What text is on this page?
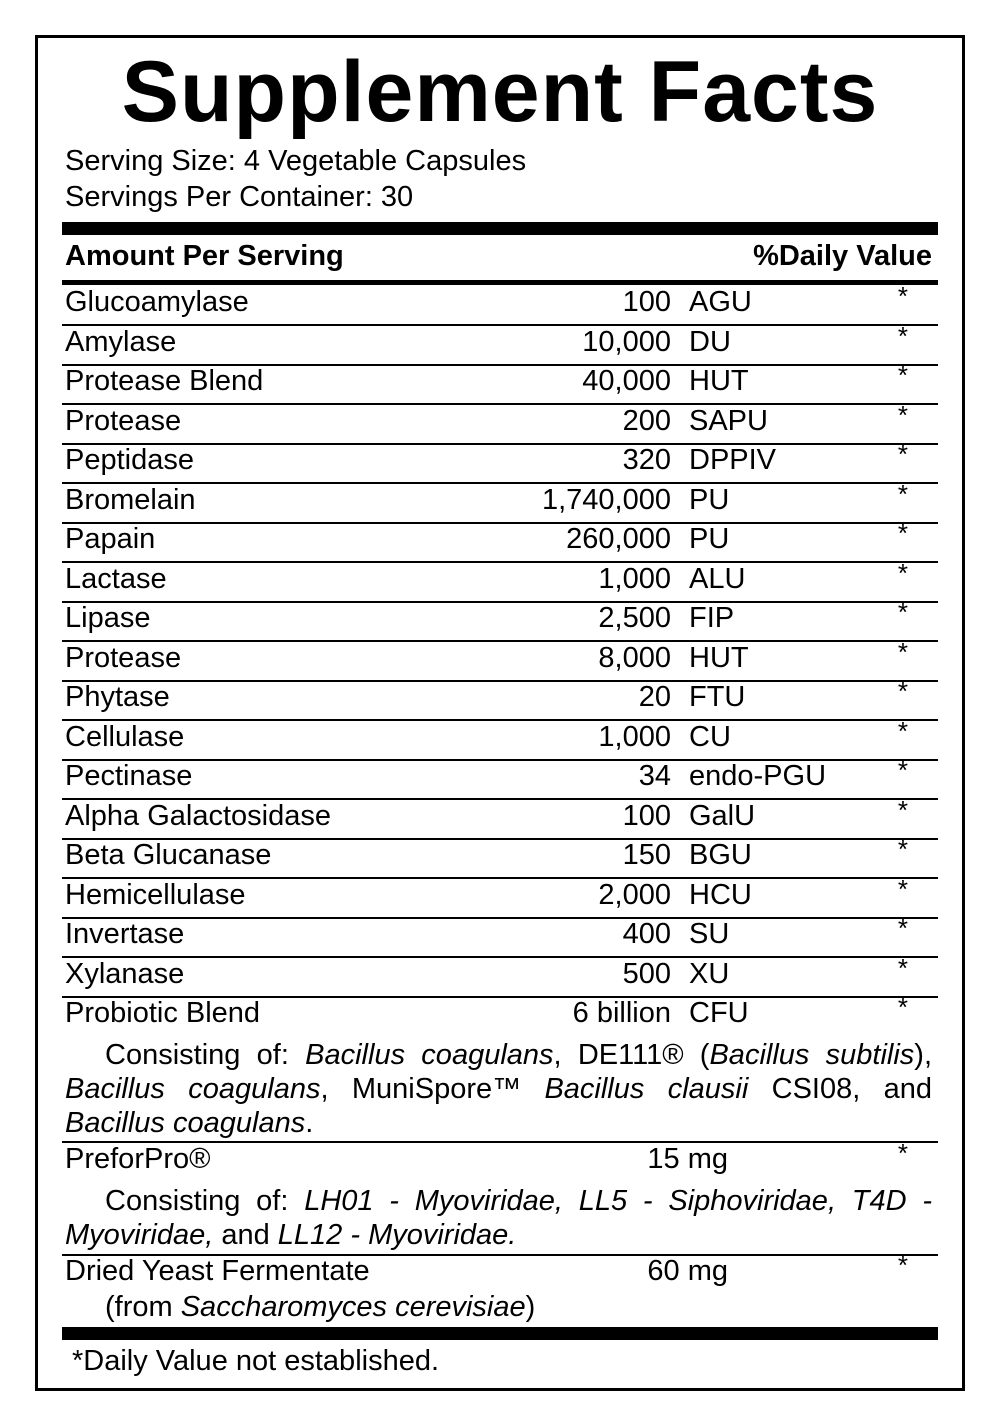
Supplement Facts
Serving Size: 4 Vegetable Capsules
Servings Per Container: 30
Amount Per Serving	%Daily Value
Glucoamylase	100 AGU	*
Amylase	10,000 DU	*
Protease Blend	40,000 HUT	*
Protease	200 SAPU	*
Peptidase	320 DPPIV	*
Bromelain	1,740,000 PU	*
Papain	260,000 PU	*
Lactase	1,000 ALU	*
Lipase	2,500 FIP	*
Protease	8,000 HUT	*
Phytase	20 FTU	*
Cellulase	1,000 CU	*
Pectinase	34 endo-PGU	*
Alpha Galactosidase	100 GalU	*
Beta Glucanase	150 BGU	*
Hemicellulase	2,000 HCU	*
Invertase	400 SU	*
Xylanase	500 XU	*
Probiotic Blend	6 billion CFU	*
Consisting of: Bacillus coagulans, DE111® (Bacillus subtilis), Bacillus coagulans, MuniSpore™ Bacillus clausii CSI08, and Bacillus coagulans.
PreforPro®	15 mg	*
Consisting of: LH01 - Myoviridae, LL5 - Siphoviridae, T4D - Myoviridae, and LL12 - Myoviridae.
Dried Yeast Fermentate	60 mg	*
(from Saccharomyces cerevisiae)
*Daily Value not established.
